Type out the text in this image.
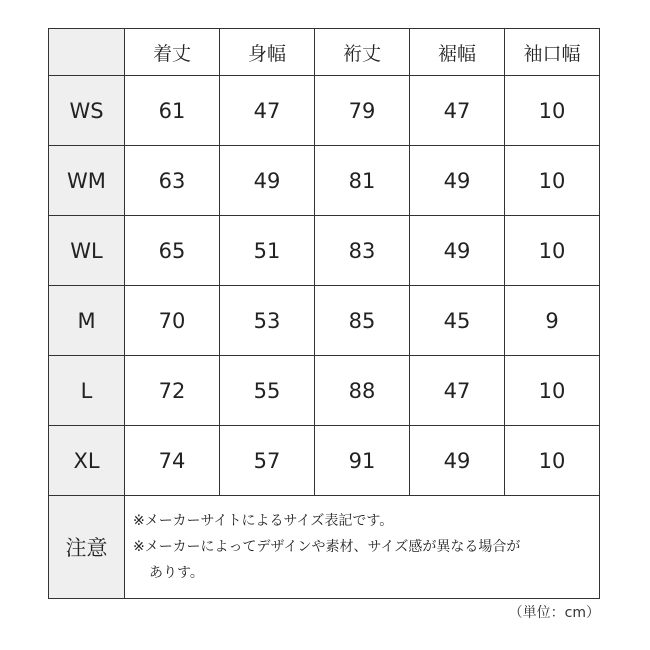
	着丈	身幅	裄丈	裾幅	袖口幅
WS	61	47	79	47	10
WM	63	49	81	49	10
WL	65	51	83	49	10
M	70	53	85	45	9
L	72	55	88	47	10
XL	74	57	91	49	10
注意	※メーカーサイトによるサイズ表記です。
※メーカーによってデザインや素材、サイズ感が異なる場合が
ありす。				
（単位：cm）
